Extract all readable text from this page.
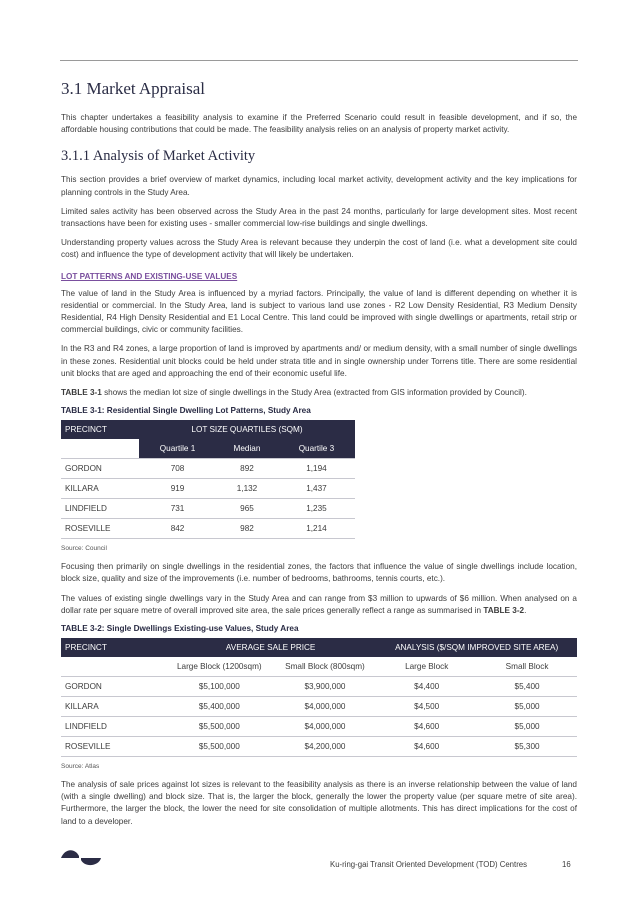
3.1 Market Appraisal

This chapter undertakes a feasibility analysis to examine if the Preferred Scenario could result in feasible development, and if so, the affordable housing contributions that could be made. The feasibility analysis relies on an analysis of property market activity.

3.1.1 Analysis of Market Activity

This section provides a brief overview of market dynamics, including local market activity, development activity and the key implications for planning controls in the Study Area.

Limited sales activity has been observed across the Study Area in the past 24 months, particularly for large development sites. Most recent transactions have been for existing uses - smaller commercial low-rise buildings and single dwellings.

Understanding property values across the Study Area is relevant because they underpin the cost of land (i.e. what a development site could cost) and influence the type of development activity that will likely be undertaken.

LOT PATTERNS AND EXISTING-USE VALUES

The value of land in the Study Area is influenced by a myriad factors. Principally, the value of land is different depending on whether it is residential or commercial. In the Study Area, land is subject to various land use zones - R2 Low Density Residential, R3 Medium Density Residential, R4 High Density Residential and E1 Local Centre. This land could be improved with single dwellings or apartments, retail strip or commercial buildings, civic or community facilities.

In the R3 and R4 zones, a large proportion of land is improved by apartments and/ or medium density, with a small number of single dwellings in these zones. Residential unit blocks could be held under strata title and in single ownership under Torrens title. There are some residential unit blocks that are aged and approaching the end of their economic useful life.

TABLE 3-1 shows the median lot size of single dwellings in the Study Area (extracted from GIS information provided by Council).

TABLE 3-1: Residential Single Dwelling Lot Patterns, Study Area
PRECINCT	LOT SIZE QUARTILES (SQM)		
	Quartile 1	Median	Quartile 3
GORDON	708	892	1,194
KILLARA	919	1,132	1,437
LINDFIELD	731	965	1,235
ROSEVILLE	842	982	1,214
Source: Council

Focusing then primarily on single dwellings in the residential zones, the factors that influence the value of single dwellings include location, block size, quality and size of the improvements (i.e. number of bedrooms, bathrooms, tennis courts, etc.).

The values of existing single dwellings vary in the Study Area and can range from $3 million to upwards of $6 million. When analysed on a dollar rate per square metre of overall improved site area, the sale prices generally reflect a range as summarised in TABLE 3-2.

TABLE 3-2: Single Dwellings Existing-use Values, Study Area
PRECINCT	AVERAGE SALE PRICE		ANALYSIS ($/SQM IMPROVED SITE AREA)	
	Large Block (1200sqm)	Small Block (800sqm)	Large Block	Small Block
GORDON	$5,100,000	$3,900,000	$4,400	$5,400
KILLARA	$5,400,000	$4,000,000	$4,500	$5,000
LINDFIELD	$5,500,000	$4,000,000	$4,600	$5,000
ROSEVILLE	$5,500,000	$4,200,000	$4,600	$5,300
Source: Atlas

The analysis of sale prices against lot sizes is relevant to the feasibility analysis as there is an inverse relationship between the value of land (with a single dwelling) and block size. That is, the larger the block, generally the lower the property value (per square metre of site area). Furthermore, the larger the block, the lower the need for site consolidation of multiple allotments. This has direct implications for the cost of land to a developer.

Ku-ring-gai Transit Oriented Development (TOD) Centres	16
